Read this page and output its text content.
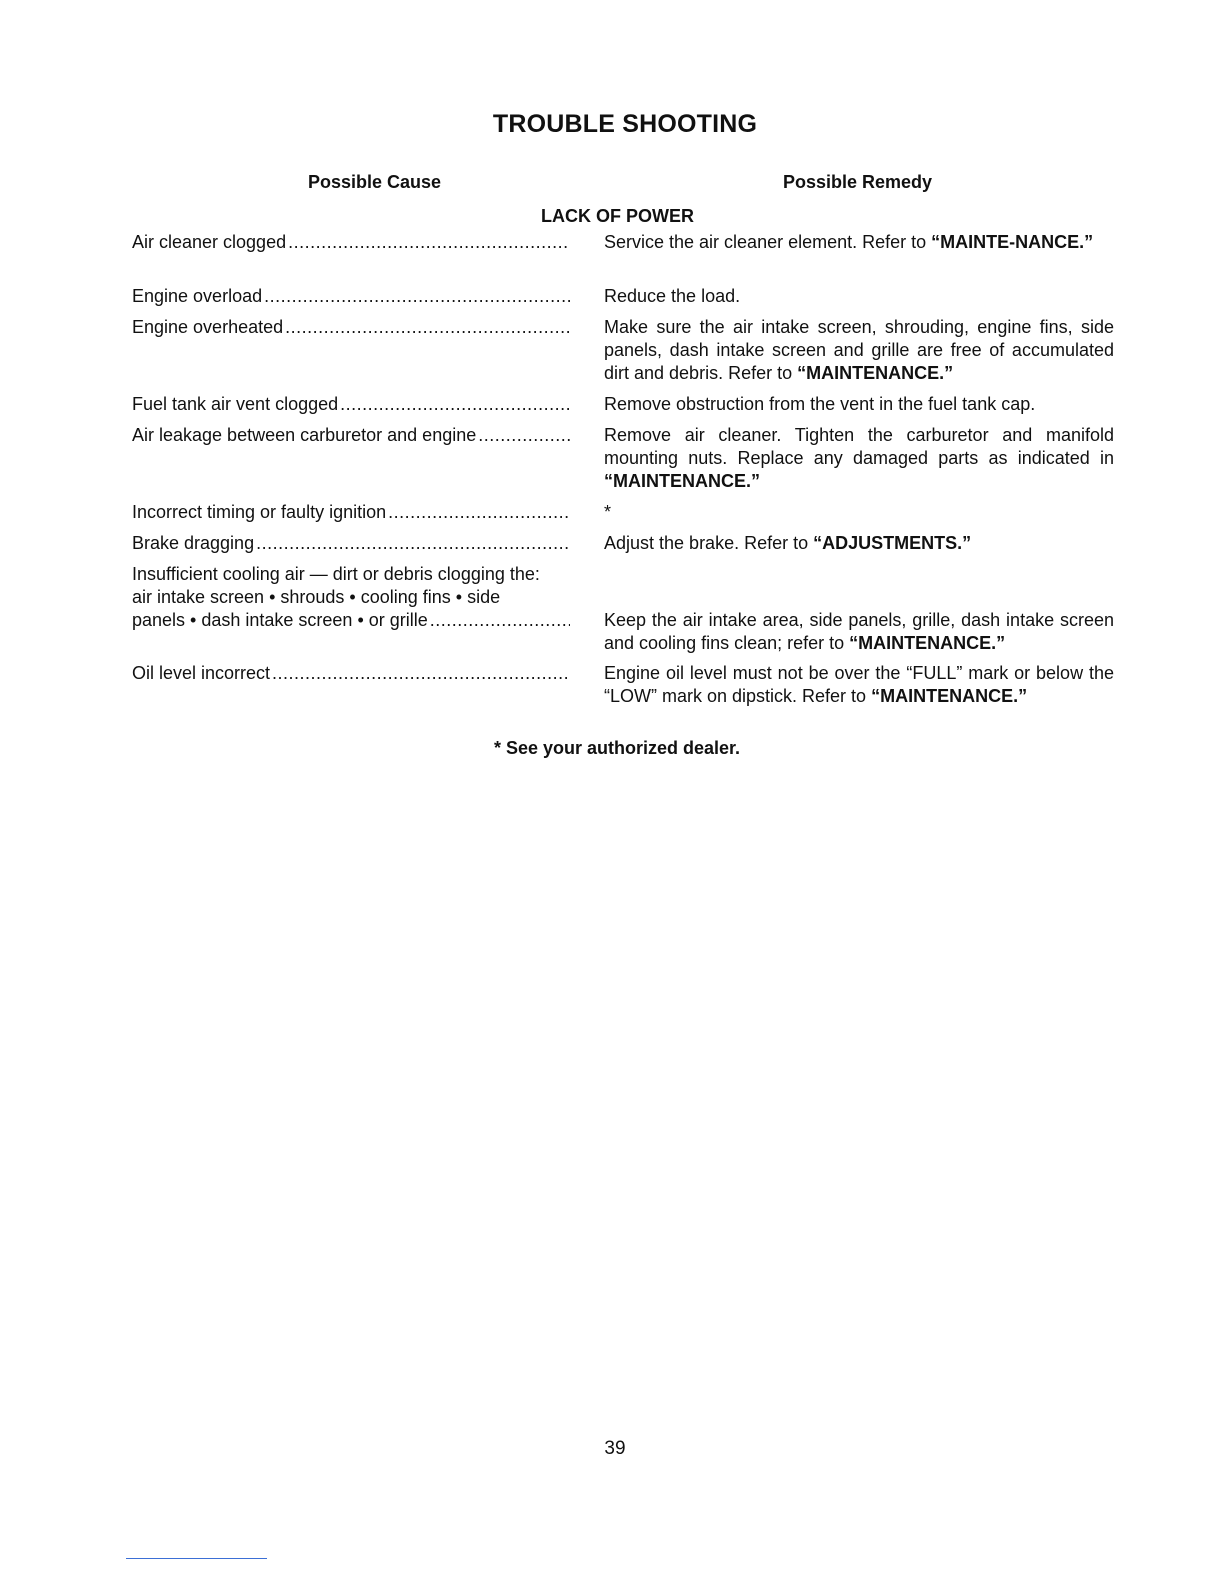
TROUBLE SHOOTING
Possible Cause	Possible Remedy
LACK OF POWER
Air cleaner clogged .....	Service the air cleaner element. Refer to “MAINTE-NANCE.”
Engine overload .....	Reduce the load.
Engine overheated .....	Make sure the air intake screen, shrouding, engine fins, side panels, dash intake screen and grille are free of accumulated dirt and debris. Refer to “MAINTENANCE.”
Fuel tank air vent clogged .....	Remove obstruction from the vent in the fuel tank cap.
Air leakage between carburetor and engine .....	Remove air cleaner. Tighten the carburetor and manifold mounting nuts. Replace any damaged parts as indicated in “MAINTENANCE.”
Incorrect timing or faulty ignition .....	*
Brake dragging .....	Adjust the brake. Refer to “ADJUSTMENTS.”
Insufficient cooling air — dirt or debris clogging the:
air intake screen • shrouds • cooling fins • side
panels • dash intake screen • or grille .....	Keep the air intake area, side panels, grille, dash intake screen and cooling fins clean; refer to “MAINTENANCE.”
Oil level incorrect .....	Engine oil level must not be over the “FULL” mark or below the “LOW” mark on dipstick. Refer to “MAINTENANCE.”
* See your authorized dealer.
39
